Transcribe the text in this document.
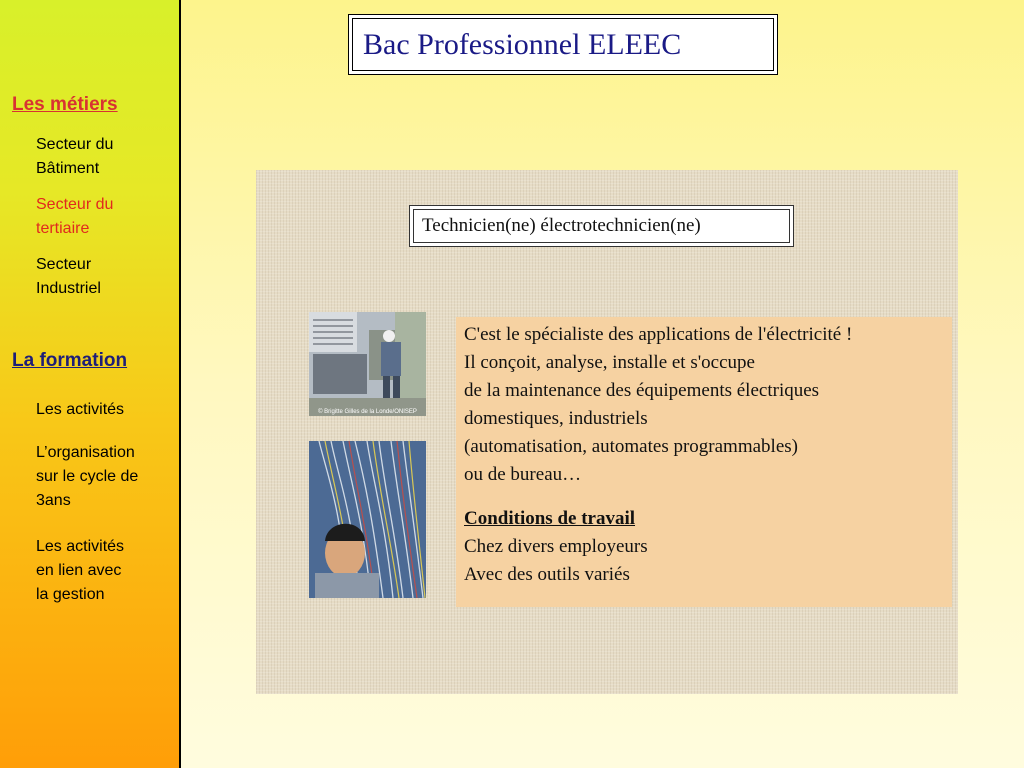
Les métiers
Secteur du
Bâtiment
Secteur du
tertiaire
Secteur
Industriel
La formation
Les activités
L’organisation
sur le cycle de
3ans
Les activités
en lien avec
la gestion
Bac Professionnel ELEEC
Technicien(ne) électrotechnicien(ne)
© Brigitte Gilles de la Londe/ONISEP
C'est le spécialiste des applications de l'électricité !
Il conçoit, analyse, installe et s'occupe
de la maintenance des équipements électriques
domestiques, industriels
(automatisation, automates programmables)
ou de bureau…
Conditions de travail
Chez divers employeurs
Avec des outils variés
